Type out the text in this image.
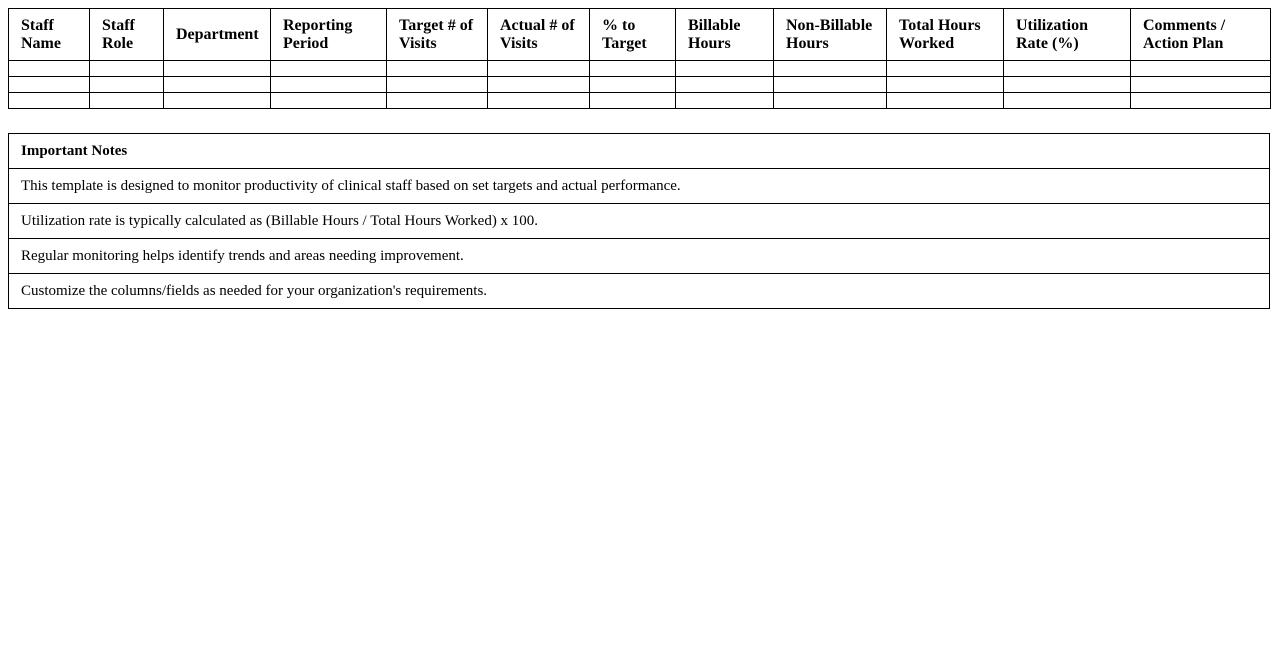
Staff Name	Staff Role	Department	Reporting Period	Target # of Visits	Actual # of Visits	% to Target	Billable Hours	Non-Billable Hours	Total Hours Worked	Utilization Rate (%)	Comments / Action Plan

Important Notes
This template is designed to monitor productivity of clinical staff based on set targets and actual performance.
Utilization rate is typically calculated as (Billable Hours / Total Hours Worked) x 100.
Regular monitoring helps identify trends and areas needing improvement.
Customize the columns/fields as needed for your organization's requirements.
